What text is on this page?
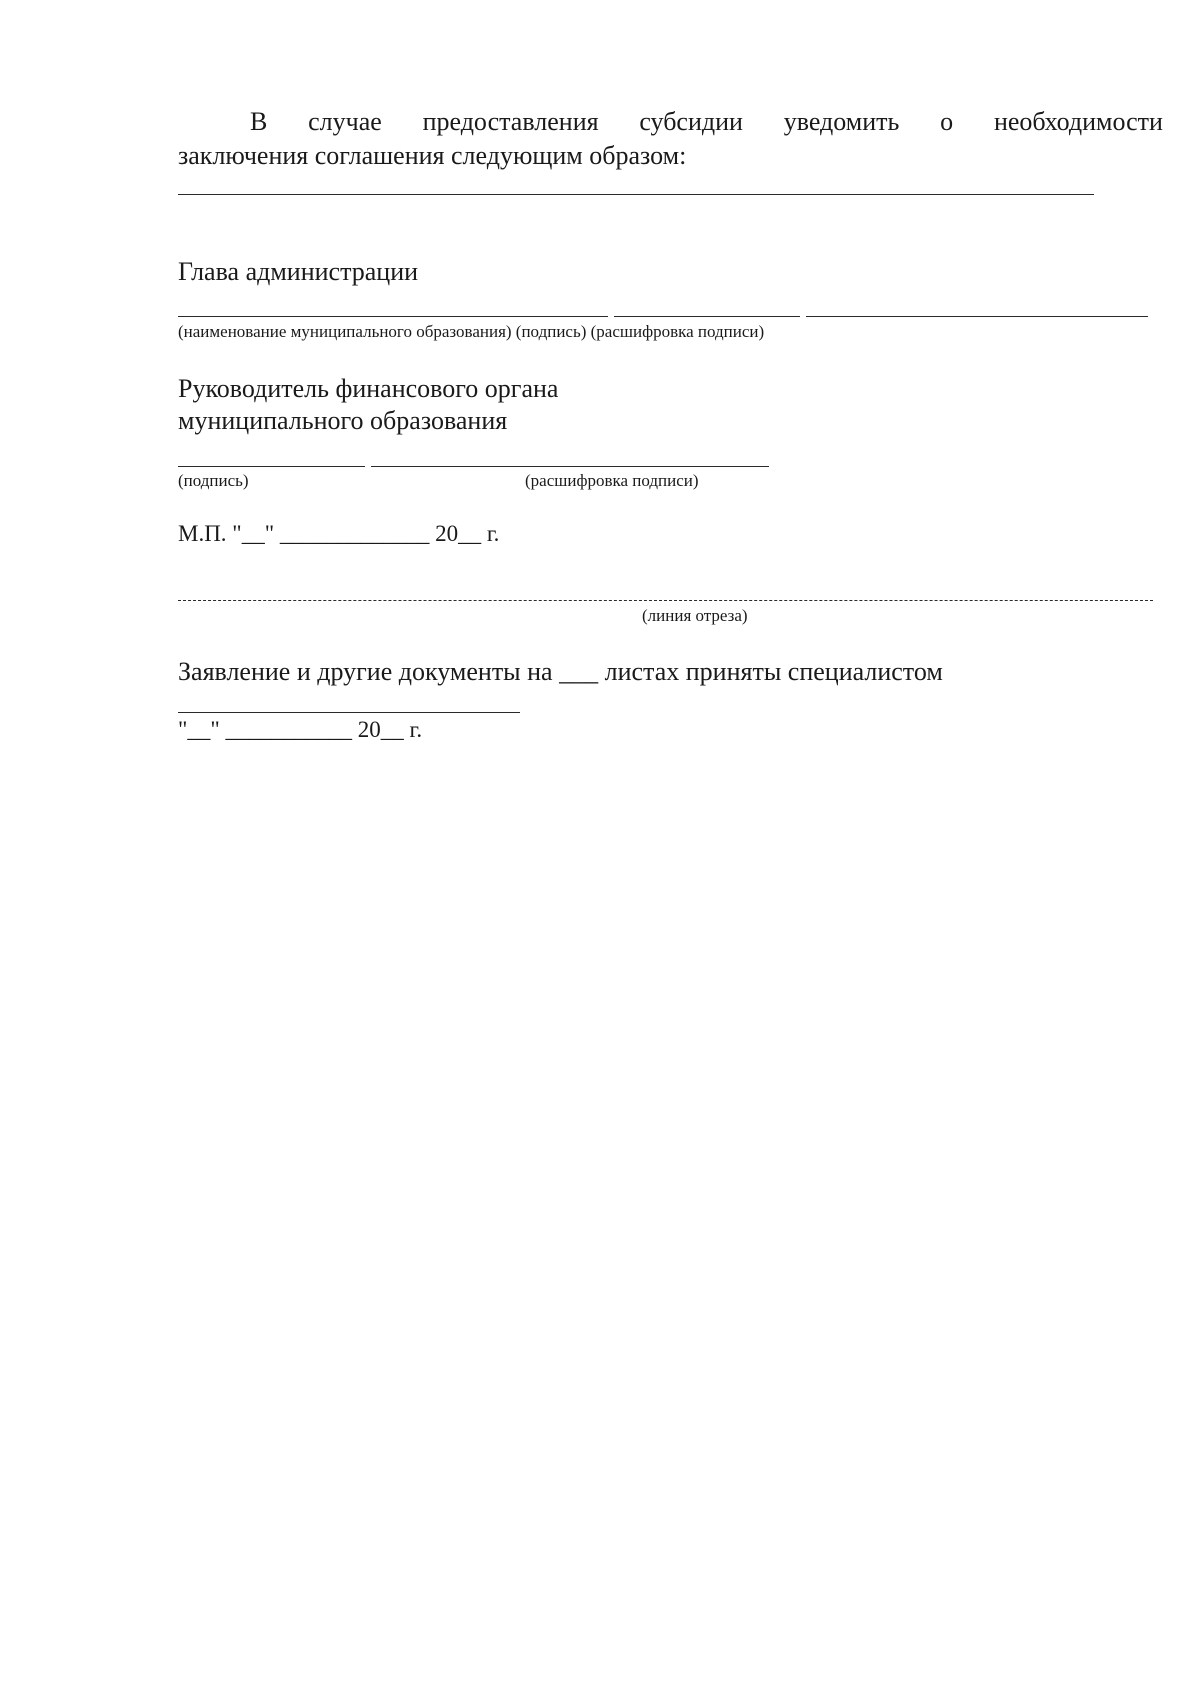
В случае предоставления субсидии уведомить о необходимости
заключения соглашения следующим образом:
Глава администрации
(наименование муниципального образования) (подпись) (расшифровка подписи)
Руководитель финансового органа
муниципального образования
(подпись)	(расшифровка подписи)
М.П. "__" _____________ 20__ г.
(линия отреза)
Заявление и другие документы на ___ листах приняты специалистом
"__" ___________ 20__ г.
